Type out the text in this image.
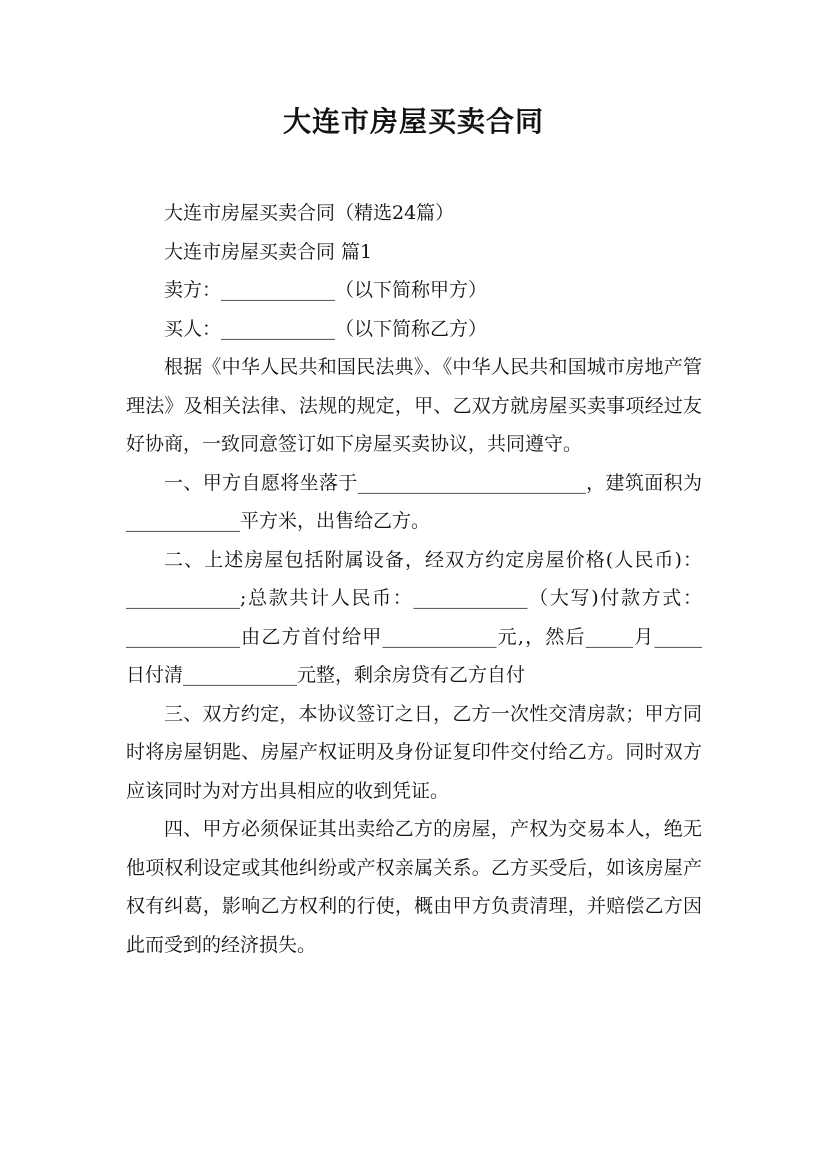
大连市房屋买卖合同

大连市房屋买卖合同（精选24篇）

大连市房屋买卖合同 篇1

卖方：____________（以下简称甲方）

买人：____________（以下简称乙方）

根据《中华人民共和国民法典》、《中华人民共和国城市房地产管理法》及相关法律、法规的规定，甲、乙双方就房屋买卖事项经过友好协商，一致同意签订如下房屋买卖协议，共同遵守。

一、甲方自愿将坐落于________________________，建筑面积为____________平方米，出售给乙方。

二、上述房屋包括附属设备，经双方约定房屋价格(人民币)：____________;总款共计人民币：____________（大写)付款方式：____________由乙方首付给甲____________元,，然后_____月_____日付清____________元整，剩余房贷有乙方自付

三、双方约定，本协议签订之日，乙方一次性交清房款；甲方同时将房屋钥匙、房屋产权证明及身份证复印件交付给乙方。同时双方应该同时为对方出具相应的收到凭证。

四、甲方必须保证其出卖给乙方的房屋，产权为交易本人，绝无他项权利设定或其他纠纷或产权亲属关系。乙方买受后，如该房屋产权有纠葛，影响乙方权利的行使，概由甲方负责清理，并赔偿乙方因此而受到的经济损失。
